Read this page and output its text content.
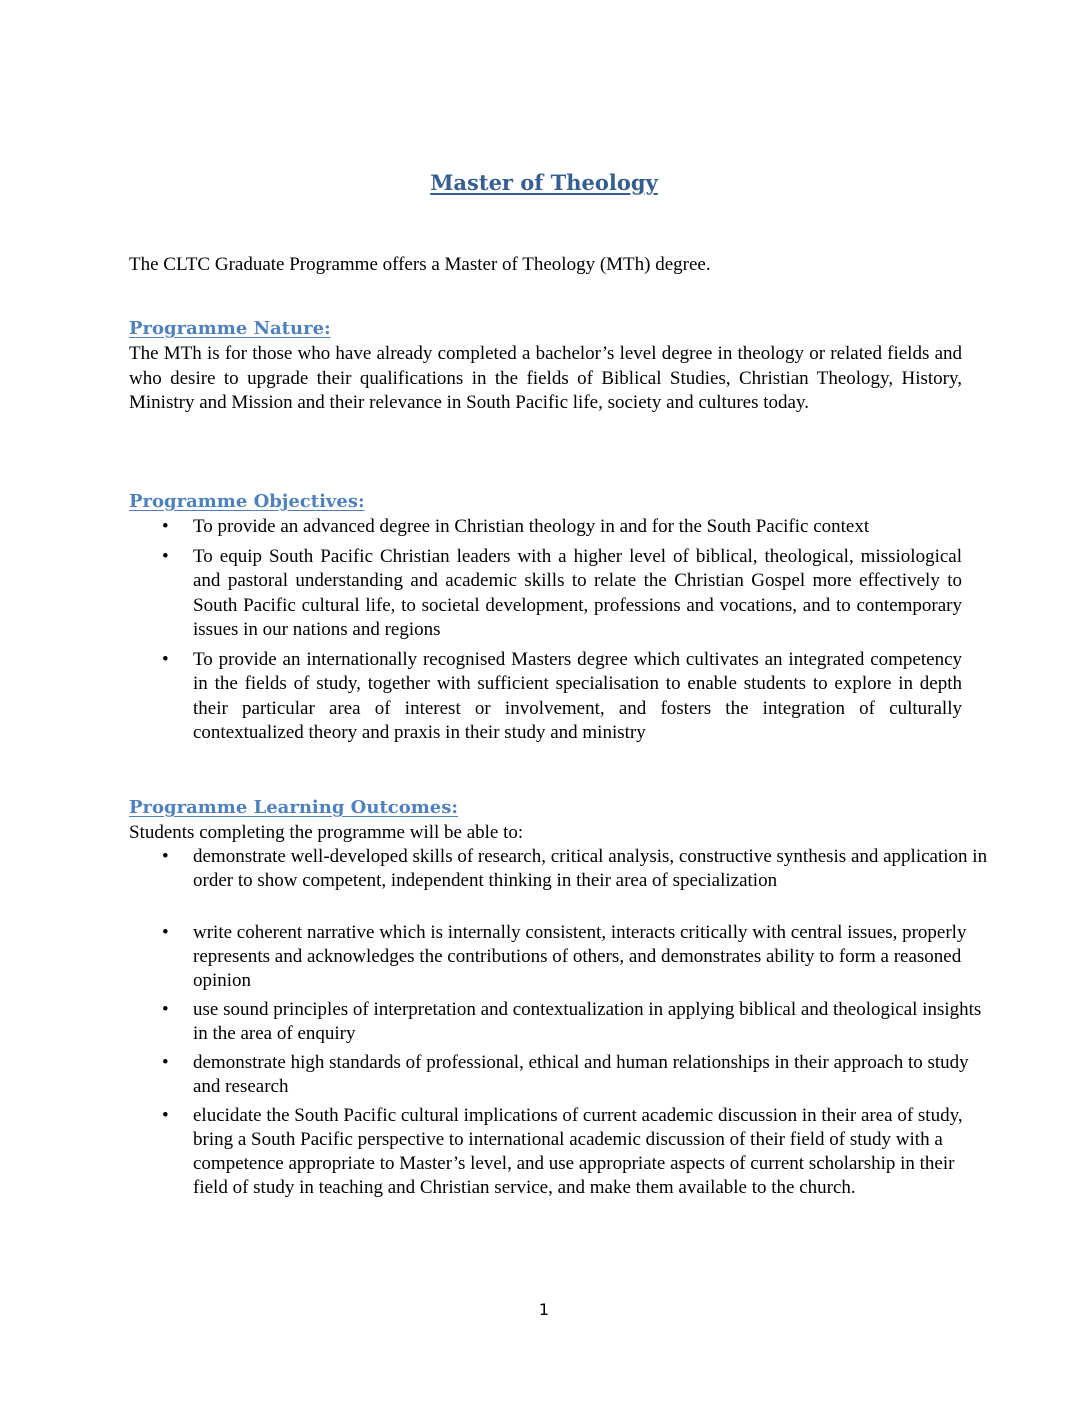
Master of Theology
The CLTC Graduate Programme offers a Master of Theology (MTh) degree.

Programme Nature:

The MTh is for those who have already completed a bachelor’s level degree in theology or related fields and who desire to upgrade their qualifications in the fields of Biblical Studies, Christian Theology, History, Ministry and Mission and their relevance in South Pacific life, society and cultures today.

Programme Objectives:

• To provide an advanced degree in Christian theology in and for the South Pacific context
• To equip South Pacific Christian leaders with a higher level of biblical, theological, missiological and pastoral understanding and academic skills to relate the Christian Gospel more effectively to South Pacific cultural life, to societal development, professions and vocations, and to contemporary issues in our nations and regions
• To provide an internationally recognised Masters degree which cultivates an integrated competency in the fields of study, together with sufficient specialisation to enable students to explore in depth their particular area of interest or involvement, and fosters the integration of culturally contextualized theory and praxis in their study and ministry

Programme Learning Outcomes:

Students completing the programme will be able to:

• demonstrate well-developed skills of research, critical analysis, constructive synthesis and application in order to show competent, independent thinking in their area of specialization
• write coherent narrative which is internally consistent, interacts critically with central issues, properly represents and acknowledges the contributions of others, and demonstrates ability to form a reasoned opinion
• use sound principles of interpretation and contextualization in applying biblical and theological insights in the area of enquiry
• demonstrate high standards of professional, ethical and human relationships in their approach to study and research
• elucidate the South Pacific cultural implications of current academic discussion in their area of study, bring a South Pacific perspective to international academic discussion of their field of study with a competence appropriate to Master’s level, and use appropriate aspects of current scholarship in their field of study in teaching and Christian service, and make them available to the church.
1
